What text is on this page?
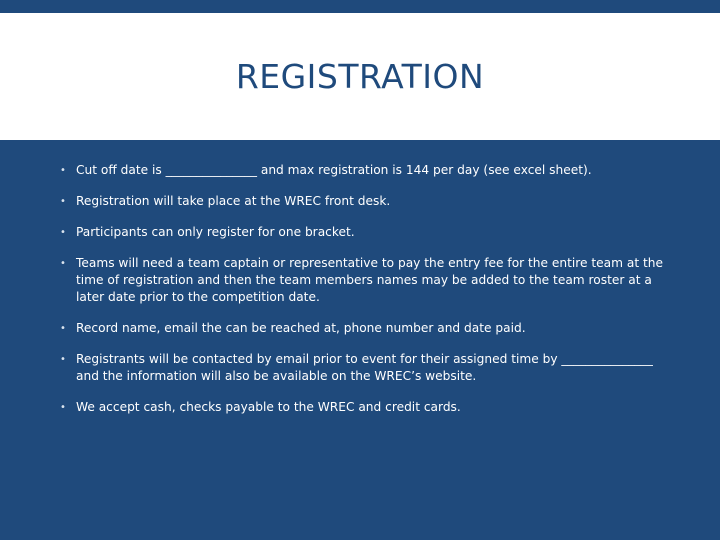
REGISTRATION
• Cut off date is _______________ and max registration is 144 per day (see excel sheet).
• Registration will take place at the WREC front desk.
• Participants can only register for one bracket.
• Teams will need a team captain or representative to pay the entry fee for the entire team at the time of registration and then the team members names may be added to the team roster at a later date prior to the competition date.
• Record name, email the can be reached at, phone number and date paid.
• Registrants will be contacted by email prior to event for their assigned time by _______________ and the information will also be available on the WREC’s website.
• We accept cash, checks payable to the WREC and credit cards.
